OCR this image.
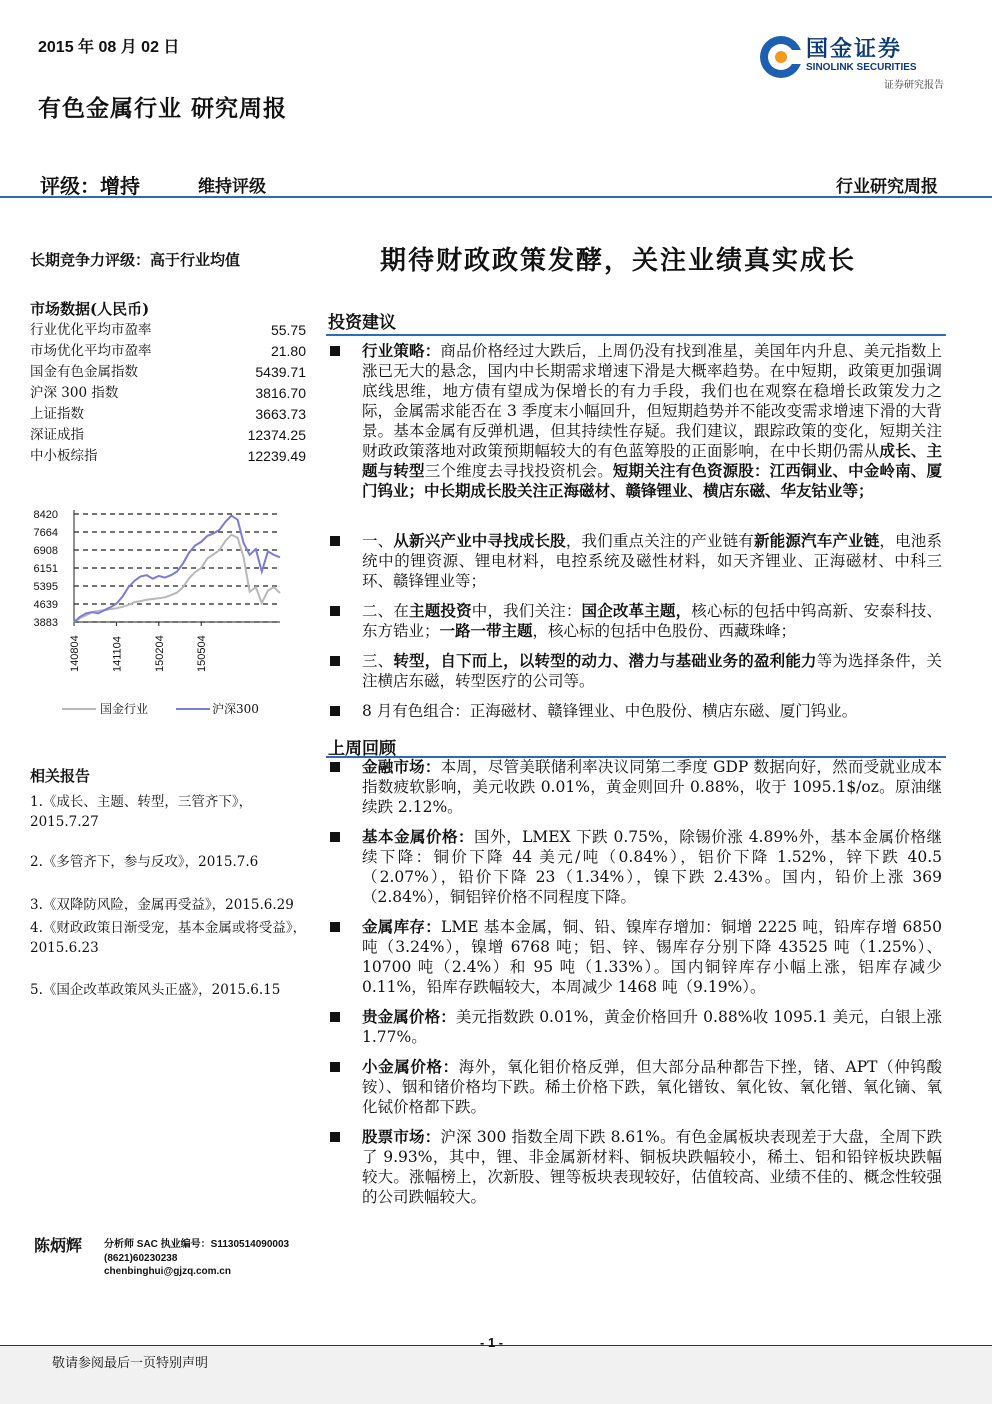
2015 年 08 月 02 日	国金证券
SINOLINK SECURITIES
证券研究报告
有色金属行业 研究周报
评级：增持	维持评级	行业研究周报
长期竞争力评级：高于行业均值	期待财政政策发酵，关注业绩真实成长
市场数据(人民币)
行业优化平均市盈率	55.75
市场优化平均市盈率	21.80
国金有色金属指数	5439.71
沪深 300 指数	3816.70
上证指数	3663.73
深证成指	12374.25
中小板综指	12239.49
8420
7664
6908
6151
5395
4639
3883
140804	141104	150204	150504
国金行业	沪深300
相关报告
1.《成长、主题、转型，三管齐下》，2015.7.27
2.《多管齐下，参与反攻》，2015.7.6
3.《双降防风险，金属再受益》，2015.6.29
4.《财政政策日渐受宠，基本金属或将受益》，2015.6.23
5.《国企改革政策风头正盛》，2015.6.15
陈炳辉 分析师 SAC 执业编号：S1130514090003
(8621)60230238
chenbinghui@gjzq.com.cn
投资建议
行业策略：商品价格经过大跌后，上周仍没有找到准星，美国年内升息、美元指数上涨已无大的悬念，国内中长期需求增速下滑是大概率趋势。在中短期，政策更加强调底线思维，地方债有望成为保增长的有力手段，我们也在观察在稳增长政策发力之际，金属需求能否在 3 季度末小幅回升，但短期趋势并不能改变需求增速下滑的大背景。基本金属有反弹机遇，但其持续性存疑。我们建议，跟踪政策的变化，短期关注财政政策落地对政策预期幅较大的有色蓝筹股的正面影响，在中长期仍需从成长、主题与转型三个维度去寻找投资机会。短期关注有色资源股：江西铜业、中金岭南、厦门钨业；中长期成长股关注正海磁材、赣锋锂业、横店东磁、华友钴业等；
一、从新兴产业中寻找成长股，我们重点关注的产业链有新能源汽车产业链，电池系统中的锂资源、锂电材料，电控系统及磁性材料，如天齐锂业、正海磁材、中科三环、赣锋锂业等；
二、在主题投资中，我们关注：国企改革主题，核心标的包括中钨高新、安泰科技、东方锆业；一路一带主题，核心标的包括中色股份、西藏珠峰；
三、转型，自下而上，以转型的动力、潜力与基础业务的盈利能力等为选择条件，关注横店东磁，转型医疗的公司等。
8 月有色组合：正海磁材、赣锋锂业、中色股份、横店东磁、厦门钨业。
上周回顾
金融市场：本周，尽管美联储利率决议同第二季度 GDP 数据向好，然而受就业成本指数疲软影响，美元收跌 0.01%，黄金则回升 0.88%，收于 1095.1$/oz。原油继续跌 2.12%。
基本金属价格：国外，LMEX 下跌 0.75%，除锡价涨 4.89%外，基本金属价格继续下降：铜价下降 44 美元/吨（0.84%），铝价下降 1.52%，锌下跌 40.5（2.07%），铅价下降 23（1.34%），镍下跌 2.43%。国内，铅价上涨 369（2.84%），铜铝锌价格不同程度下降。
金属库存：LME 基本金属，铜、铅、镍库存增加：铜增 2225 吨，铅库存增 6850 吨（3.24%），镍增 6768 吨；铝、锌、锡库存分别下降 43525 吨（1.25%）、10700 吨（2.4%）和 95 吨（1.33%）。国内铜锌库存小幅上涨，铝库存减少 0.11%，铅库存跌幅较大，本周减少 1468 吨（9.19%）。
贵金属价格：美元指数跌 0.01%，黄金价格回升 0.88%收 1095.1 美元，白银上涨 1.77%。
小金属价格：海外，氧化钼价格反弹，但大部分品种都告下挫，锗、APT（仲钨酸铵）、铟和锗价格均下跌。稀土价格下跌，氧化镨钕、氧化钕、氧化镨、氧化镝、氧化铽价格都下跌。
股票市场：沪深 300 指数全周下跌 8.61%。有色金属板块表现差于大盘，全周下跌了 9.93%，其中，锂、非金属新材料、铜板块跌幅较小，稀土、铝和铅锌板块跌幅较大。涨幅榜上，次新股、锂等板块表现较好，估值较高、业绩不佳的、概念性较强的公司跌幅较大。
- 1 -
敬请参阅最后一页特别声明
